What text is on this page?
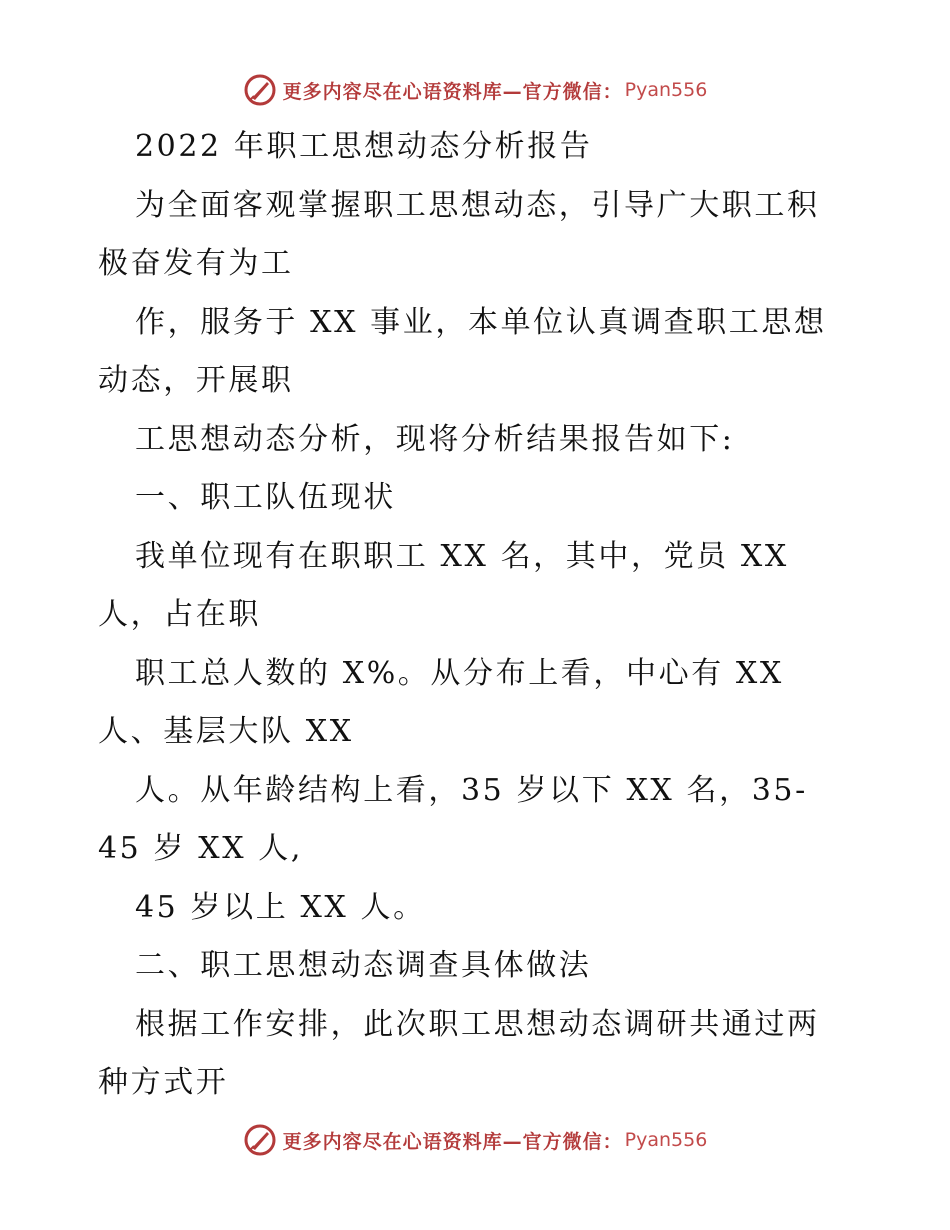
更多内容尽在心语资料库—官方微信： Pyan556
2022 年职工思想动态分析报告
为全面客观掌握职工思想动态，引导广大职工积
极奋发有为工
作，服务于 XX 事业，本单位认真调查职工思想
动态，开展职
工思想动态分析，现将分析结果报告如下:
一、职工队伍现状
我单位现有在职职工 XX 名，其中，党员 XX
人，占在职
职工总人数的 X%。从分布上看，中心有 XX
人、基层大队 XX
人。从年龄结构上看，35 岁以下 XX 名，35-
45 岁 XX 人,
45 岁以上 XX 人。
二、职工思想动态调查具体做法
根据工作安排，此次职工思想动态调研共通过两
种方式开
更多内容尽在心语资料库—官方微信： Pyan556
